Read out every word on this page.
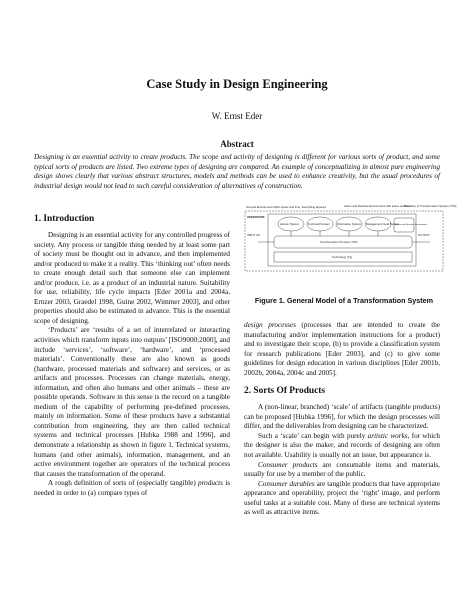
Case Study in Design Engineering
W. Ernst Eder
Abstract

Designing is an essential activity to create products. The scope and activity of designing is different for various sorts of product, and some typical sorts of products are listed. Two extreme types of designing are compared. An example of conceptualizing in almost pure engineering design shows clearly that various abstract structures, models and methods can be used to enhance creativity, but the usual procedures of industrial design would not lead to such careful consideration of alternatives of construction.

1. Introduction

Designing is an essential activity for any controlled progress of society. Any process or tangible thing needed by at least some part of society must be thought out in advance, and then implemented and/or produced to make it a reality. This ‘thinking out’ often needs to create enough detail such that someone else can implement and/or produce, i.e. as a product of an industrial nature. Suitability for use, reliability, life cycle impacts [Eder 2001a and 2004a, Ernzer 2003, Graedel 1998, Guine 2002, Wimmer 2003], and other properties should also be estimated in advance. This is the essential scope of designing.

‘Products’ are ‘results of a set of interrelated or interacting activities which transform inputs into outputs’ [ISO9000:2000], and include ‘services’, ‘software’, ‘hardware’, and ‘processed materials’. Conventionally these are also known as goods (hardware, processed materials and software) and services, or as artifacts and processes. Processes can change materials, energy, information, and often also humans and other animals – these are possible operands. Software in this sense is the record on a tangible medium of the capability of performing pre-defined processes, mainly on information. Some of these products have a substantial contribution from engineering, they are then called technical systems and technical processes [Hubka 1988 and 1996], and demonstrate a relationship as shown in figure 1. Technical systems, humans (and other animals), information, management, and an active environment together are operators of the technical process that causes the transformation of the operand.

A rough definition of sorts of (especially tangible) products is needed in order to (a) compare types of

General Environment within space and time Everything appears	Active and Reactive Environment with space and time
Boundary of Transformation System (TrfS)
OPERATORS
INPUT OF...	OUTPUT...
Human System	Technical System	Information System Management Goal System
Active and Reactive Environment
Transformation Process (TrfP)
Technology (Tg)
Figure 1. General Model of a Transformation System

design processes (processes that are intended to create the manufacturing and/or implementation instructions for a product) and to investigate their scope, (b) to provide a classification system for research publications [Eder 2003], and (c) to give some guidelines for design education in various disciplines [Eder 2001b, 2002b, 2004a, 2004c and 2005].

2. Sorts Of Products

A (non-linear, branched) ‘scale’ of artifacts (tangible products) can be proposed [Hubka 1996], for which the design processes will differ, and the deliverables from designing can be characterized.

Such a ‘scale’ can begin with purely artistic works, for which the designer is also the maker, and records of designing are often not available. Usability is usually not an issue, but appearance is.

Consumer products are consumable items and materials, usually for use by a member of the public.

Consumer durables are tangible products that have appropriate appearance and operability, project the ‘right’ image, and perform useful tasks at a suitable cost. Many of these are technical systems as well as attractive items.
